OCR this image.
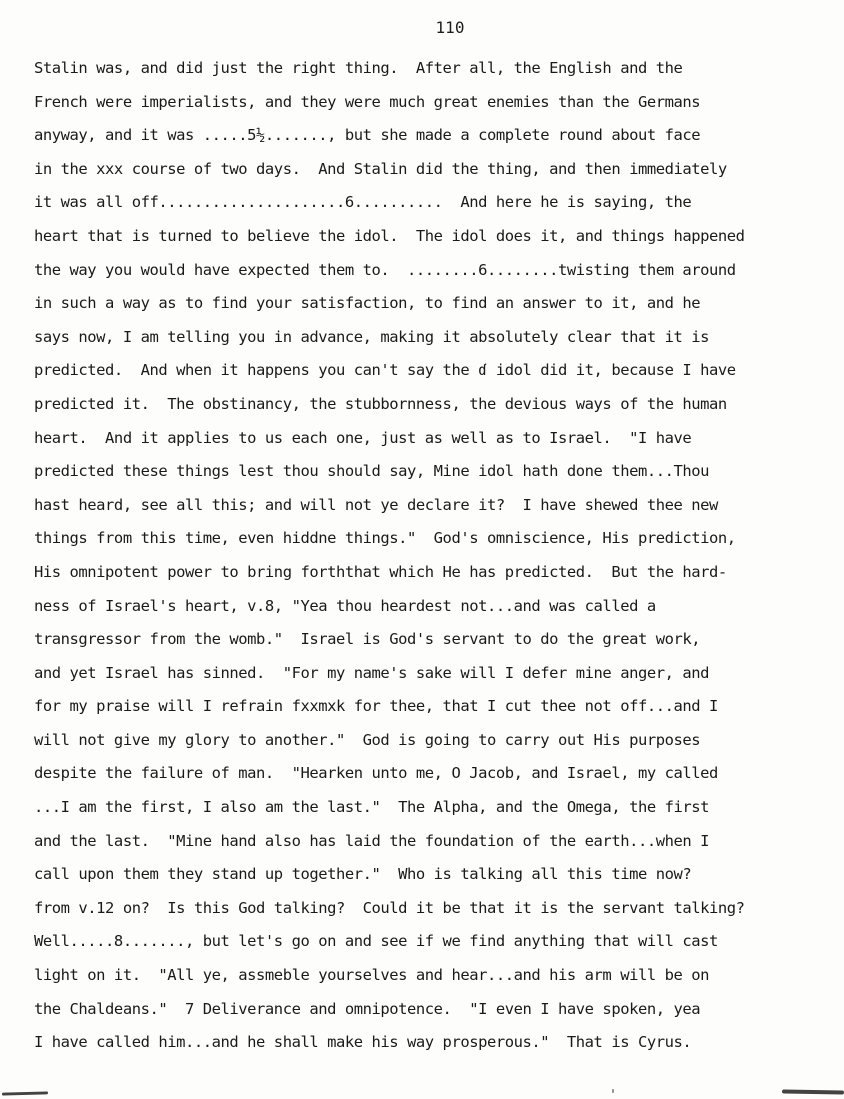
110
Stalin was, and did just the right thing.  After all, the English and the
French were imperialists, and they were much great enemies than the Germans
anyway, and it was .....5½......., but she made a complete round about face
in the xxx course of two days.  And Stalin did the thing, and then immediately
it was all off.....................6..........  And here he is saying, the
heart that is turned to believe the idol.  The idol does it, and things happened
the way you would have expected them to.  ........6........twisting them around
in such a way as to find your satisfaction, to find an answer to it, and he
says now, I am telling you in advance, making it absolutely clear that it is
predicted.  And when it happens you can't say the ɗ idol did it, because I have
predicted it.  The obstinancy, the stubbornness, the devious ways of the human
heart.  And it applies to us each one, just as well as to Israel.  "I have
predicted these things lest thou should say, Mine idol hath done them...Thou
hast heard, see all this; and will not ye declare it?  I have shewed thee new
things from this time, even hiddne things."  God's omniscience, His prediction,
His omnipotent power to bring forththat which He has predicted.  But the hard-
ness of Israel's heart, v.8, "Yea thou heardest not...and was called a
transgressor from the womb."  Israel is God's servant to do the great work,
and yet Israel has sinned.  "For my name's sake will I defer mine anger, and
for my praise will I refrain fxxmxk for thee, that I cut thee not off...and I
will not give my glory to another."  God is going to carry out His purposes
despite the failure of man.  "Hearken unto me, O Jacob, and Israel, my called
...I am the first, I also am the last."  The Alpha, and the Omega, the first
and the last.  "Mine hand also has laid the foundation of the earth...when I
call upon them they stand up together."  Who is talking all this time now?
from v.12 on?  Is this God talking?  Could it be that it is the servant talking?
Well.....8......., but let's go on and see if we find anything that will cast
light on it.  "All ye, assmeble yourselves and hear...and his arm will be on
the Chaldeans."  7 Deliverance and omnipotence.  "I even I have spoken, yea
I have called him...and he shall make his way prosperous."  That is Cyrus.
